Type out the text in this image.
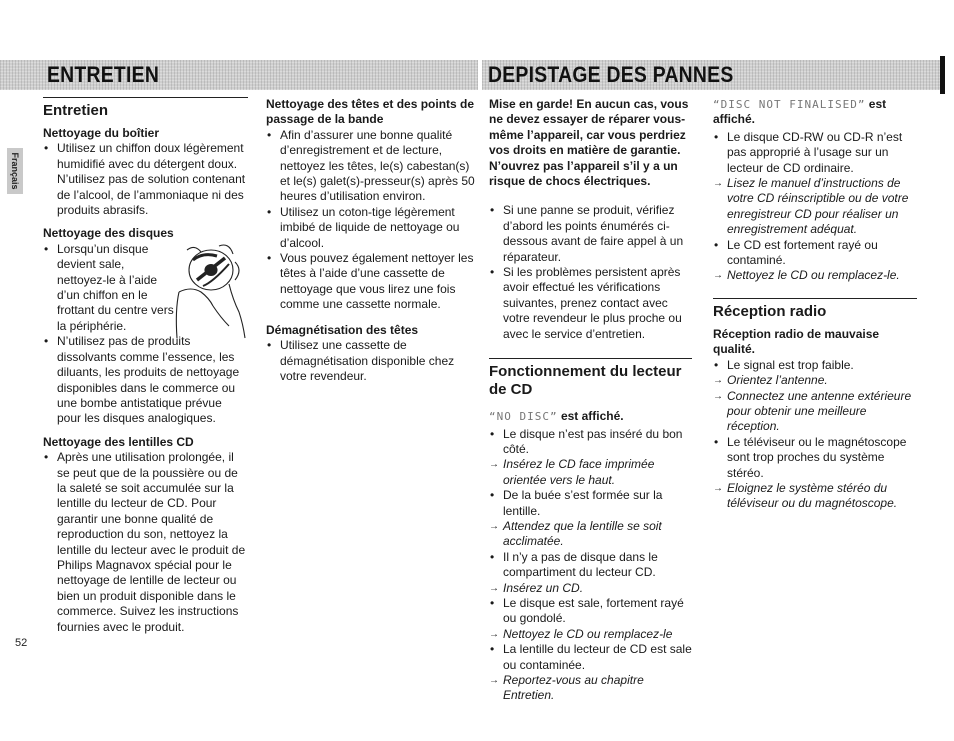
ENTRETIEN	DEPISTAGE DES PANNES
Français
Entretien
Nettoyage du boîtier
• Utilisez un chiffon doux légèrement humidifié avec du détergent doux. N’utilisez pas de solution contenant de l’alcool, de l’ammoniaque ni des produits abrasifs.
Nettoyage des disques
• Lorsqu’un disque devient sale, nettoyez-le à l’aide d’un chiffon en le frottant du centre vers la périphérie.
• N’utilisez pas de produits dissolvants comme l’essence, les diluants, les produits de nettoyage disponibles dans le commerce ou une bombe antistatique prévue pour les disques analogiques.
Nettoyage des lentilles CD
• Après une utilisation prolongée, il se peut que de la poussière ou de la saleté se soit accumulée sur la lentille du lecteur de CD. Pour garantir une bonne qualité de reproduction du son, nettoyez la lentille du lecteur avec le produit de Philips Magnavox spécial pour le nettoyage de lentille de lecteur ou bien un produit disponible dans le commerce. Suivez les instructions fournies avec le produit.
Nettoyage des têtes et des points de passage de la bande
• Afin d’assurer une bonne qualité d’enregistrement et de lecture, nettoyez les têtes, le(s) cabestan(s) et le(s) galet(s)-presseur(s) après 50 heures d’utilisation environ.
• Utilisez un coton-tige légèrement imbibé de liquide de nettoyage ou d’alcool.
• Vous pouvez également nettoyer les têtes à l’aide d’une cassette de nettoyage que vous lirez une fois comme une cassette normale.
Démagnétisation des têtes
• Utilisez une cassette de démagnétisation disponible chez votre revendeur.
Mise en garde! En aucun cas, vous ne devez essayer de réparer vous-même l’appareil, car vous perdriez vos droits en matière de garantie. N’ouvrez pas l’appareil s’il y a un risque de chocs électriques.
• Si une panne se produit, vérifiez d’abord les points énumérés ci-dessous avant de faire appel à un réparateur.
• Si les problèmes persistent après avoir effectué les vérifications suivantes, prenez contact avec votre revendeur le plus proche ou avec le service d’entretien.
Fonctionnement du lecteur de CD
“NO DISC” est affiché.
• Le disque n’est pas inséré du bon côté.
→ Insérez le CD face imprimée orientée vers le haut.
• De la buée s’est formée sur la lentille.
→ Attendez que la lentille se soit acclimatée.
• Il n’y a pas de disque dans le compartiment du lecteur CD.
→ Insérez un CD.
• Le disque est sale, fortement rayé ou gondolé.
→ Nettoyez le CD ou remplacez-le
• La lentille du lecteur de CD est sale ou contaminée.
→ Reportez-vous au chapitre Entretien.
“DISC NOT FINALISED” est affiché.
• Le disque CD-RW ou CD-R n’est pas approprié à l’usage sur un lecteur de CD ordinaire.
→ Lisez le manuel d’instructions de votre CD réinscriptible ou de votre enregistreur CD pour réaliser un enregistrement adéquat.
• Le CD est fortement rayé ou contaminé.
→ Nettoyez le CD ou remplacez-le.
Réception radio
Réception radio de mauvaise qualité.
• Le signal est trop faible.
→ Orientez l’antenne.
→ Connectez une antenne extérieure pour obtenir une meilleure réception.
• Le téléviseur ou le magnétoscope sont trop proches du système stéréo.
→ Eloignez le système stéréo du téléviseur ou du magnétoscope.
52
